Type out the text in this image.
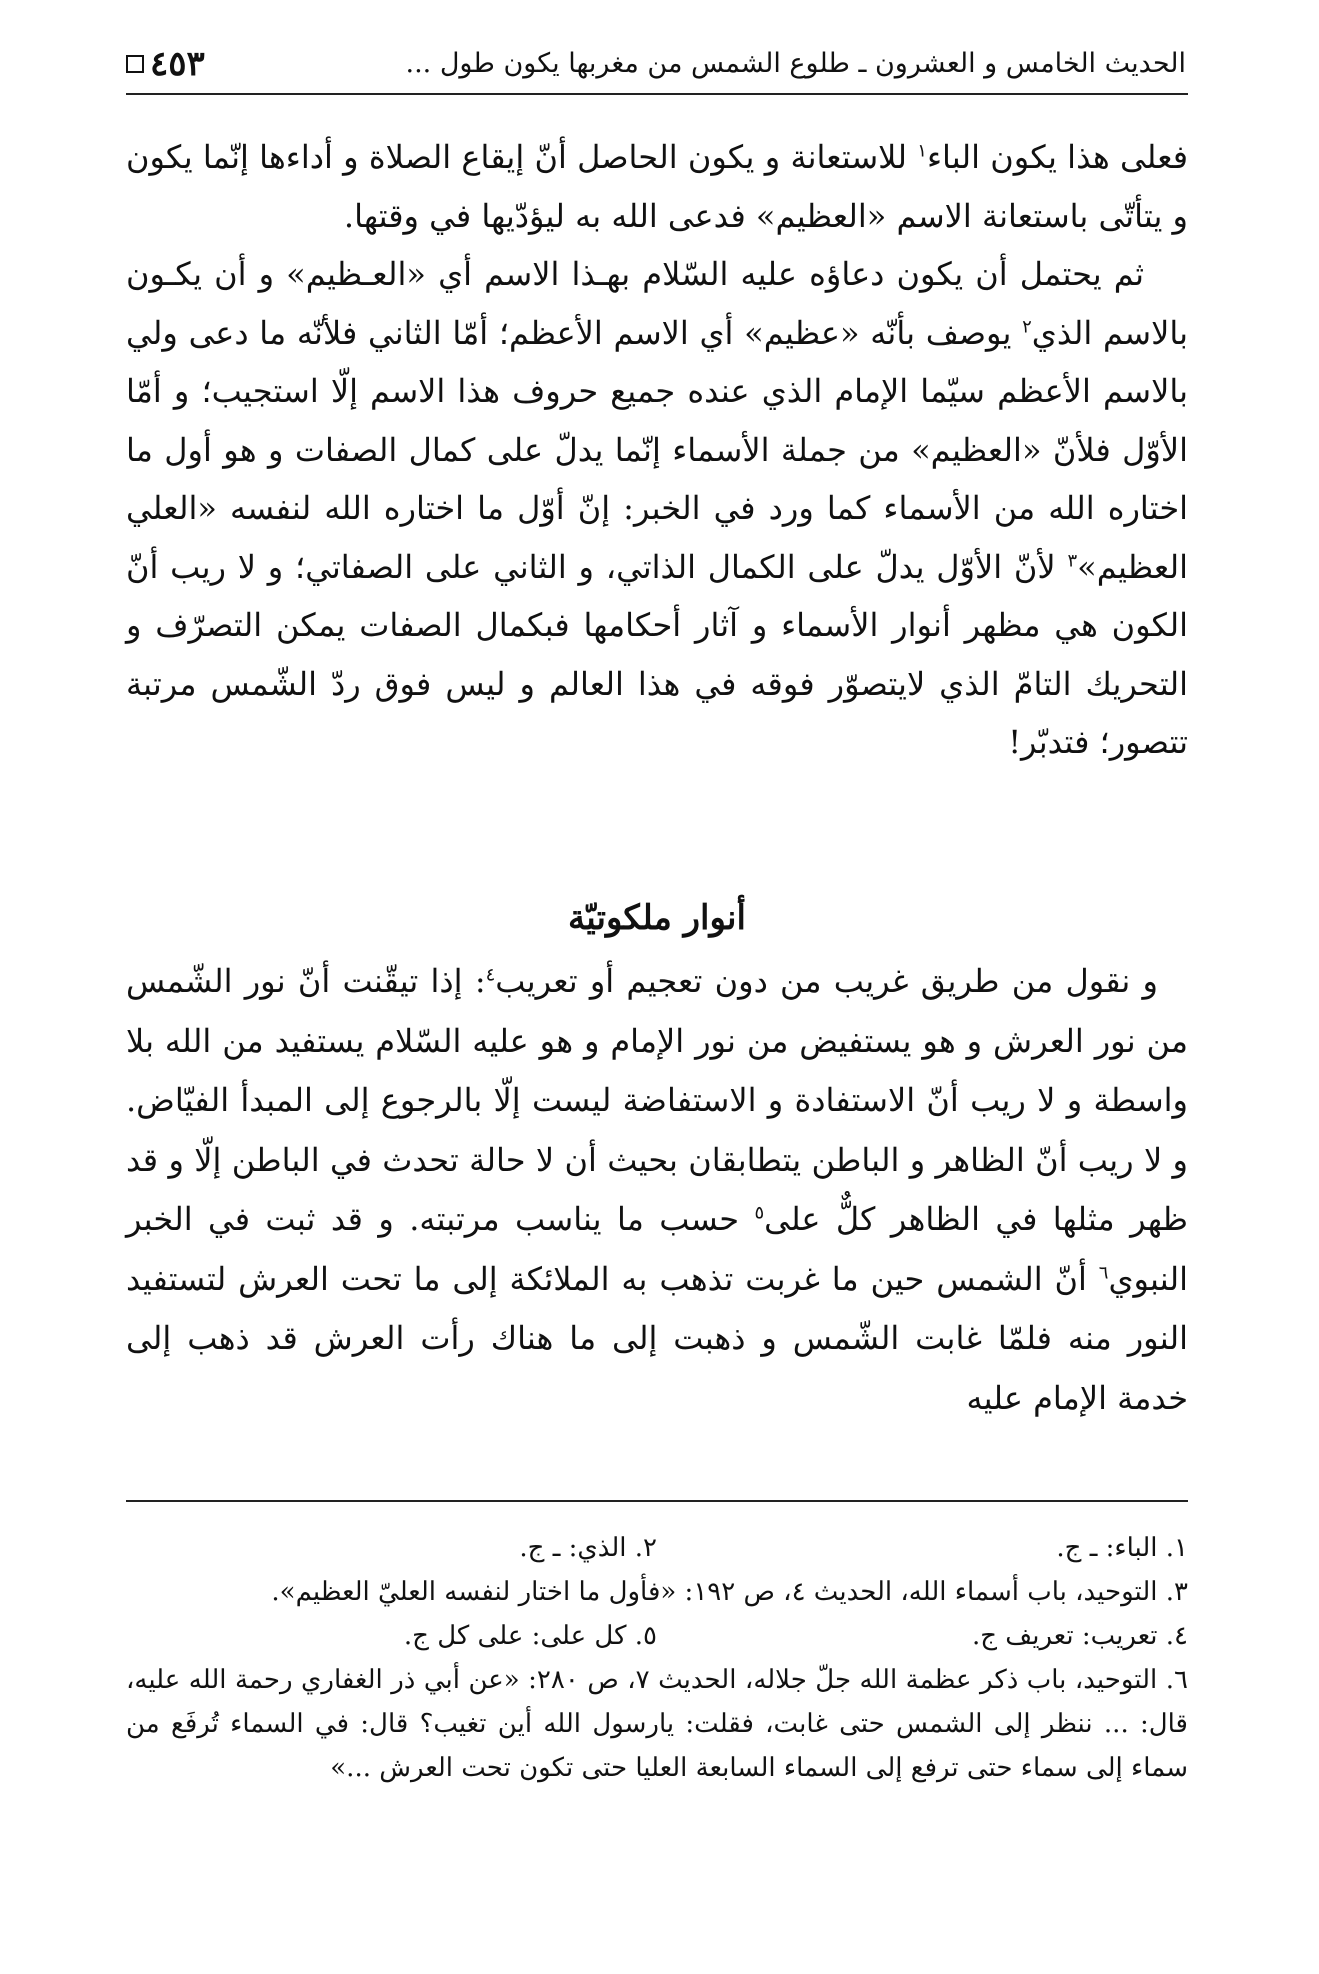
الحديث الخامس و العشرون ـ طلوع الشمس من مغربها يكون طول ...
٤٥٣

فعلى هذا يكون الباء$^١$ للاستعانة و يكون الحاصل أنّ إيقاع الصلاة و أداءها إنّما يكون و يتأتّى باستعانة الاسم «العظيم» فدعى الله به ليؤدّيها في وقتها.

ثم يحتمل أن يكون دعاؤه عليه السّلام بهـذا الاسم أي «العـظيم» و أن يكـون بالاسم الذي$^٢$ يوصف بأنّه «عظيم» أي الاسم الأعظم؛ أمّا الثاني فلأنّه ما دعى ولي بالاسم الأعظم سيّما الإمام الذي عنده جميع حروف هذا الاسم إلّا استجيب؛ و أمّا الأوّل فلأنّ «العظيم» من جملة الأسماء إنّما يدلّ على كمال الصفات و هو أول ما اختاره الله من الأسماء كما ورد في الخبر: إنّ أوّل ما اختاره الله لنفسه «العلي العظيم»$^٣$ لأنّ الأوّل يدلّ على الكمال الذاتي، و الثاني على الصفاتي؛ و لا ريب أنّ الكون هي مظهر أنوار الأسماء و آثار أحكامها فبكمال الصفات يمكن التصرّف و التحريك التامّ الذي لايتصوّر فوقه في هذا العالم و ليس فوق ردّ الشّمس مرتبة تتصور؛ فتدبّر!

أنوار ملكوتيّة

و نقول من طريق غريب من دون تعجيم أو تعريب$^٤$: إذا تيقّنت أنّ نور الشّمس من نور العرش و هو يستفيض من نور الإمام و هو عليه السّلام يستفيد من الله بلا واسطة و لا ريب أنّ الاستفادة و الاستفاضة ليست إلّا بالرجوع إلى المبدأ الفيّاض. و لا ريب أنّ الظاهر و الباطن يتطابقان بحيث أن لا حالة تحدث في الباطن إلّا و قد ظهر مثلها في الظاهر كلٌّ على$^٥$ حسب ما يناسب مرتبته. و قد ثبت في الخبر النبوي$^٦$ أنّ الشمس حين ما غربت تذهب به الملائكة إلى ما تحت العرش لتستفيد النور منه فلمّا غابت الشّمس و ذهبت إلى ما هناك رأت العرش قد ذهب إلى خدمة الإمام عليه

١. الباء: ـ ج.
٢. الذي: ـ ج.
٣. التوحيد، باب أسماء الله، الحديث ٤، ص ١٩٢: «فأول ما اختار لنفسه العليّ العظيم».
٤. تعريب: تعريف ج.
٥. كل على: على كل ج.
٦. التوحيد، باب ذكر عظمة الله جلّ جلاله، الحديث ٧، ص ٢٨٠: «عن أبي ذر الغفاري رحمة الله عليه، قال: ... ننظر إلى الشمس حتى غابت، فقلت: يارسول الله أين تغيب؟ قال: في السماء تُرفَع من سماء إلى سماء حتى ترفع إلى السماء السابعة العليا حتى تكون تحت العرش ...»
